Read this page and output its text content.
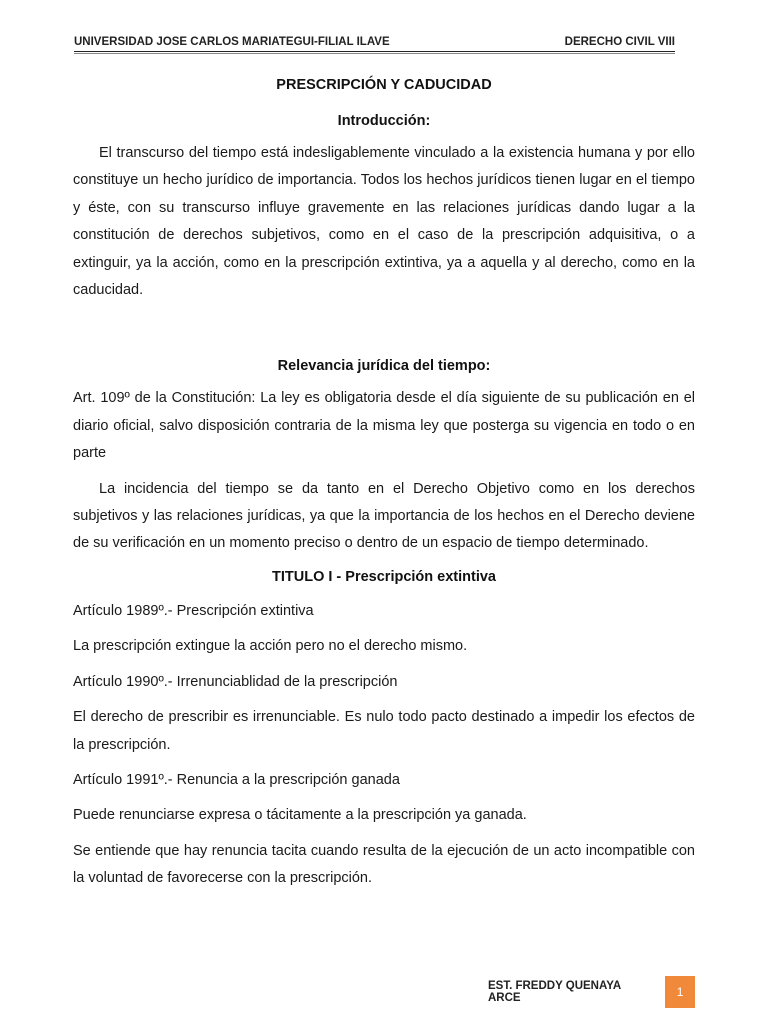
UNIVERSIDAD JOSE CARLOS MARIATEGUI-FILIAL ILAVE	DERECHO CIVIL VIII
PRESCRIPCIÓN Y CADUCIDAD
Introducción:

El transcurso del tiempo está indesligablemente vinculado a la existencia humana y por ello constituye un hecho jurídico de importancia. Todos los hechos jurídicos tienen lugar en el tiempo y éste, con su transcurso influye gravemente en las relaciones jurídicas dando lugar a la constitución de derechos subjetivos, como en el caso de la prescripción adquisitiva, o a extinguir, ya la acción, como en la prescripción extintiva, ya a aquella y al derecho, como en la caducidad.

Relevancia jurídica del tiempo:

Art. 109º de la Constitución: La ley es obligatoria desde el día siguiente de su publicación en el diario oficial, salvo disposición contraria de la misma ley que posterga su vigencia en todo o en parte

La incidencia del tiempo se da tanto en el Derecho Objetivo como en los derechos subjetivos y las relaciones jurídicas, ya que la importancia de los hechos en el Derecho deviene de su verificación en un momento preciso o dentro de un espacio de tiempo determinado.

TITULO I - Prescripción extintiva

Artículo 1989º.- Prescripción extintiva

La prescripción extingue la acción pero no el derecho mismo.

Artículo 1990º.- Irrenunciablidad de la prescripción

El derecho de prescribir es irrenunciable. Es nulo todo pacto destinado a impedir los efectos de la prescripción.

Artículo 1991º.- Renuncia a la prescripción ganada

Puede renunciarse expresa o tácitamente a la prescripción ya ganada.

Se entiende que hay renuncia tacita cuando resulta de la ejecución de un acto incompatible con la voluntad de favorecerse con la prescripción.

EST. FREDDY QUENAYA ARCE	1
